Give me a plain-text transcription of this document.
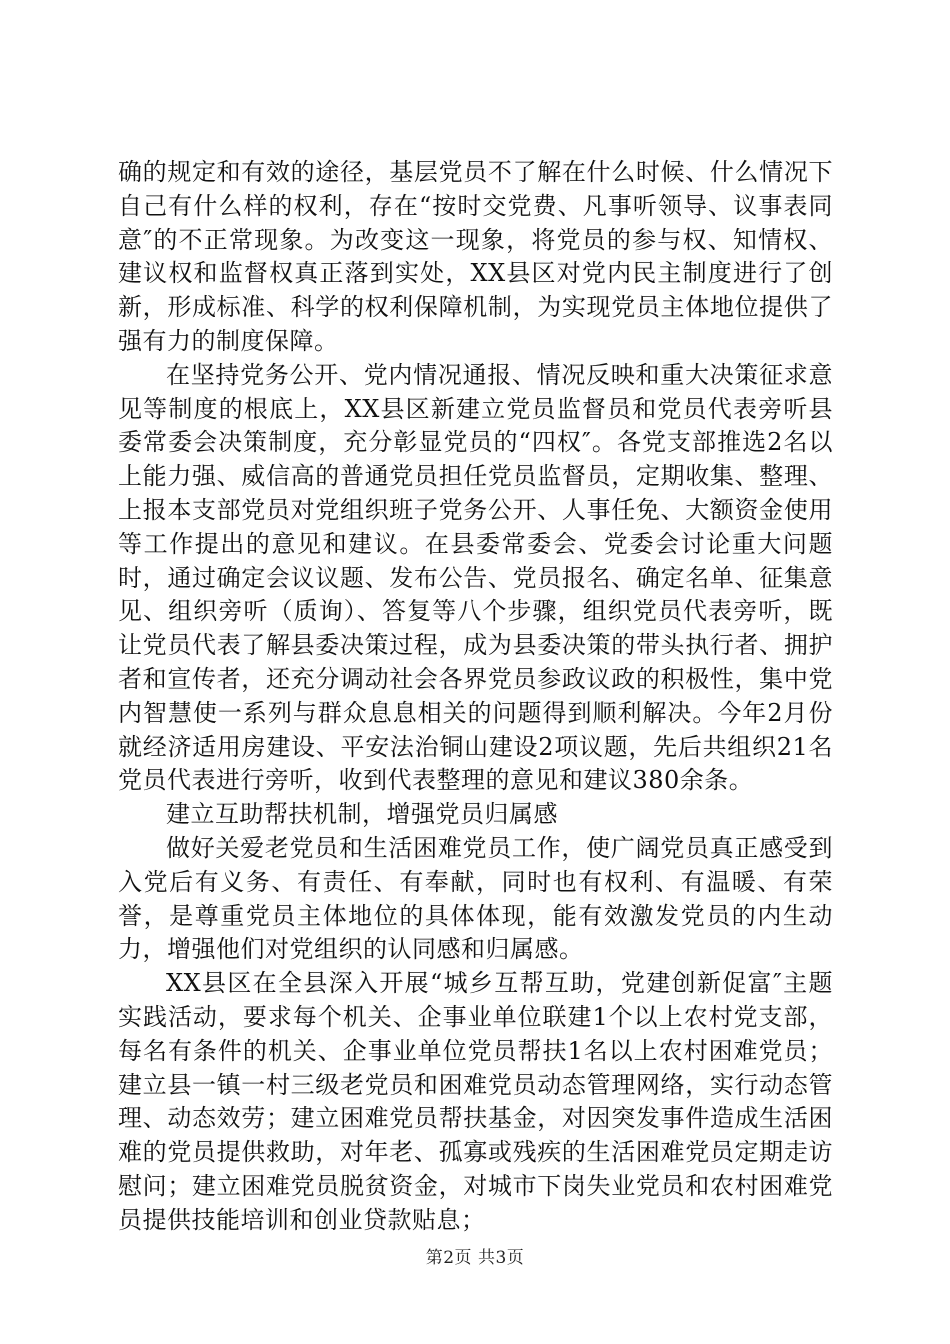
确的规定和有效的途径，基层党员不了解在什么时候、什么情况下自己有什么样的权利，存在“按时交党费、凡事听领导、议事表同意″的不正常现象。为改变这一现象，将党员的参与权、知情权、建议权和监督权真正落到实处，XX县区对党内民主制度进行了创新，形成标准、科学的权利保障机制，为实现党员主体地位提供了强有力的制度保障。

在坚持党务公开、党内情况通报、情况反映和重大决策征求意见等制度的根底上，XX县区新建立党员监督员和党员代表旁听县委常委会决策制度，充分彰显党员的“四权″。各党支部推选2名以上能力强、威信高的普通党员担任党员监督员，定期收集、整理、上报本支部党员对党组织班子党务公开、人事任免、大额资金使用等工作提出的意见和建议。在县委常委会、党委会讨论重大问题时，通过确定会议议题、发布公告、党员报名、确定名单、征集意见、组织旁听（质询）、答复等八个步骤，组织党员代表旁听，既让党员代表了解县委决策过程，成为县委决策的带头执行者、拥护者和宣传者，还充分调动社会各界党员参政议政的积极性，集中党内智慧使一系列与群众息息相关的问题得到顺利解决。今年2月份就经济适用房建设、平安法治铜山建设2项议题，先后共组织21名党员代表进行旁听，收到代表整理的意见和建议380余条。

建立互助帮扶机制，增强党员归属感

做好关爱老党员和生活困难党员工作，使广阔党员真正感受到入党后有义务、有责任、有奉献，同时也有权利、有温暖、有荣誉，是尊重党员主体地位的具体体现，能有效激发党员的内生动力，增强他们对党组织的认同感和归属感。

XX县区在全县深入开展“城乡互帮互助，党建创新促富″主题实践活动，要求每个机关、企事业单位联建1个以上农村党支部，每名有条件的机关、企事业单位党员帮扶1名以上农村困难党员；建立县一镇一村三级老党员和困难党员动态管理网络，实行动态管理、动态效劳；建立困难党员帮扶基金，对因突发事件造成生活困难的党员提供救助，对年老、孤寡或残疾的生活困难党员定期走访慰问；建立困难党员脱贫资金，对城市下岗失业党员和农村困难党员提供技能培训和创业贷款贴息；

第2页 共3页
